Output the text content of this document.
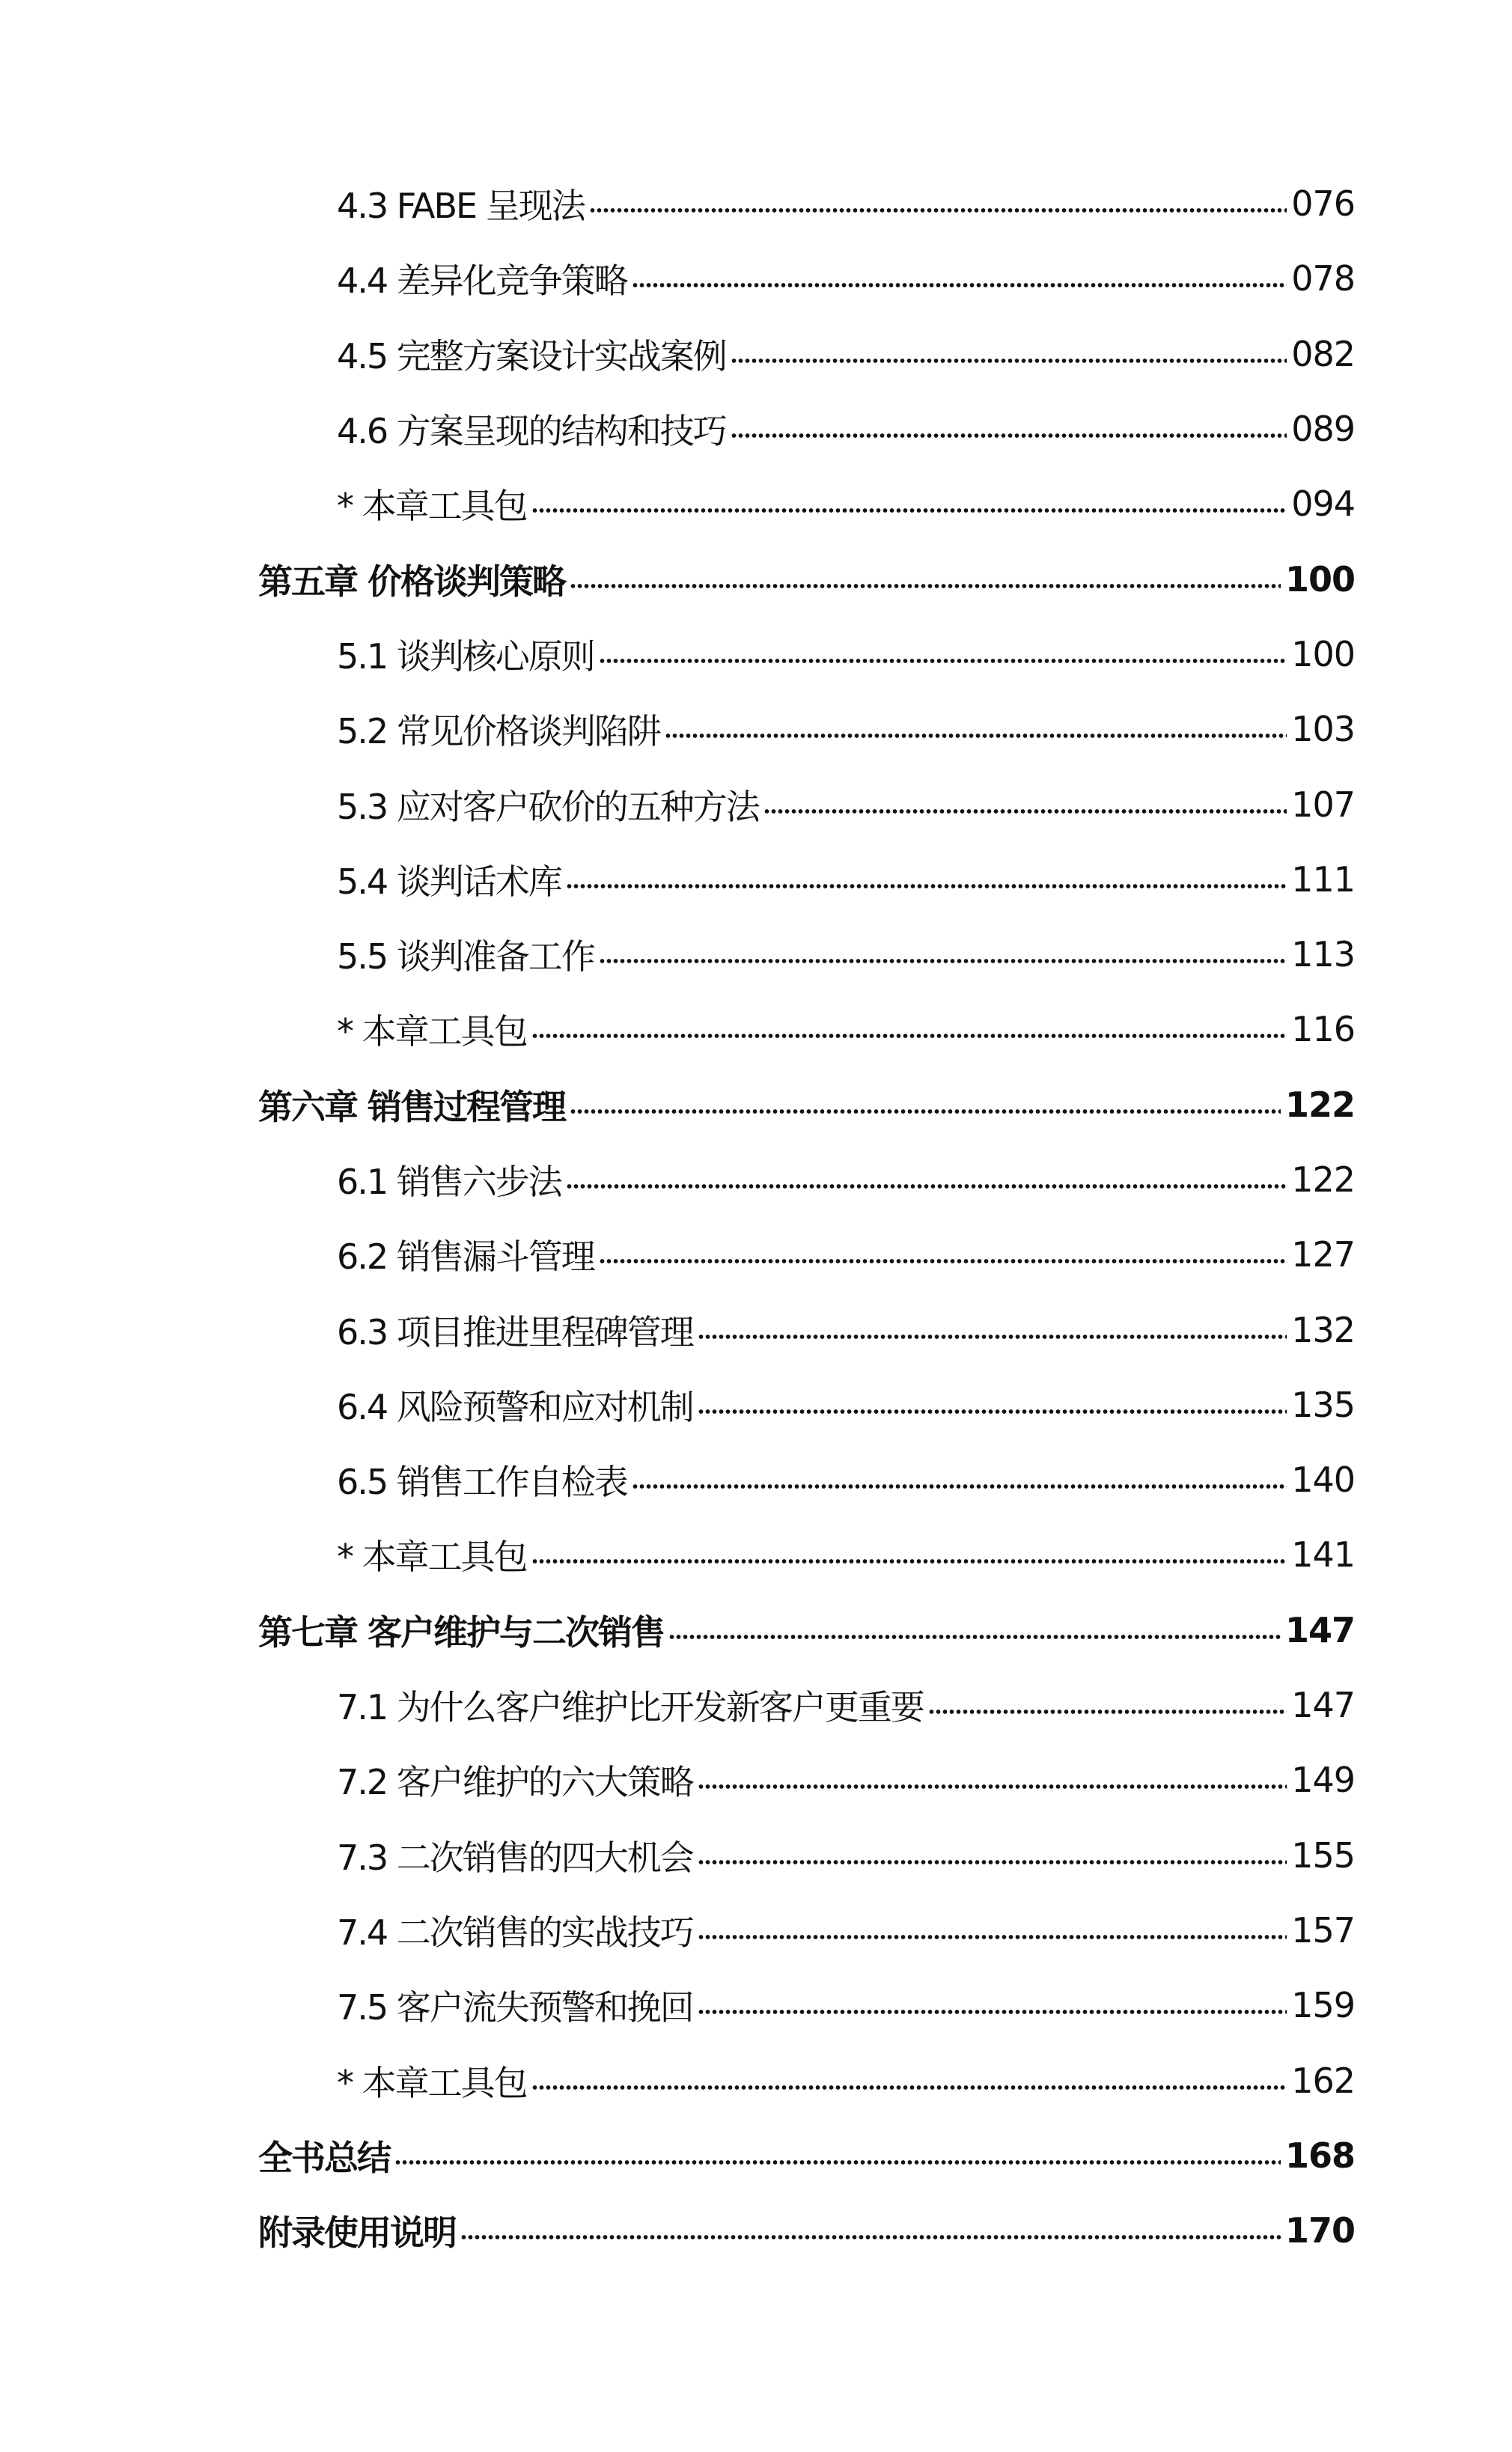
4.3 FABE 呈现法	076
4.4 差异化竞争策略	078
4.5 完整方案设计实战案例	082
4.6 方案呈现的结构和技巧	089
* 本章工具包	094
第五章 价格谈判策略	100
5.1 谈判核心原则	100
5.2 常见价格谈判陷阱	103
5.3 应对客户砍价的五种方法	107
5.4 谈判话术库	111
5.5 谈判准备工作	113
* 本章工具包	116
第六章 销售过程管理	122
6.1 销售六步法	122
6.2 销售漏斗管理	127
6.3 项目推进里程碑管理	132
6.4 风险预警和应对机制	135
6.5 销售工作自检表	140
* 本章工具包	141
第七章 客户维护与二次销售	147
7.1 为什么客户维护比开发新客户更重要	147
7.2 客户维护的六大策略	149
7.3 二次销售的四大机会	155
7.4 二次销售的实战技巧	157
7.5 客户流失预警和挽回	159
* 本章工具包	162
全书总结	168
附录使用说明	170
